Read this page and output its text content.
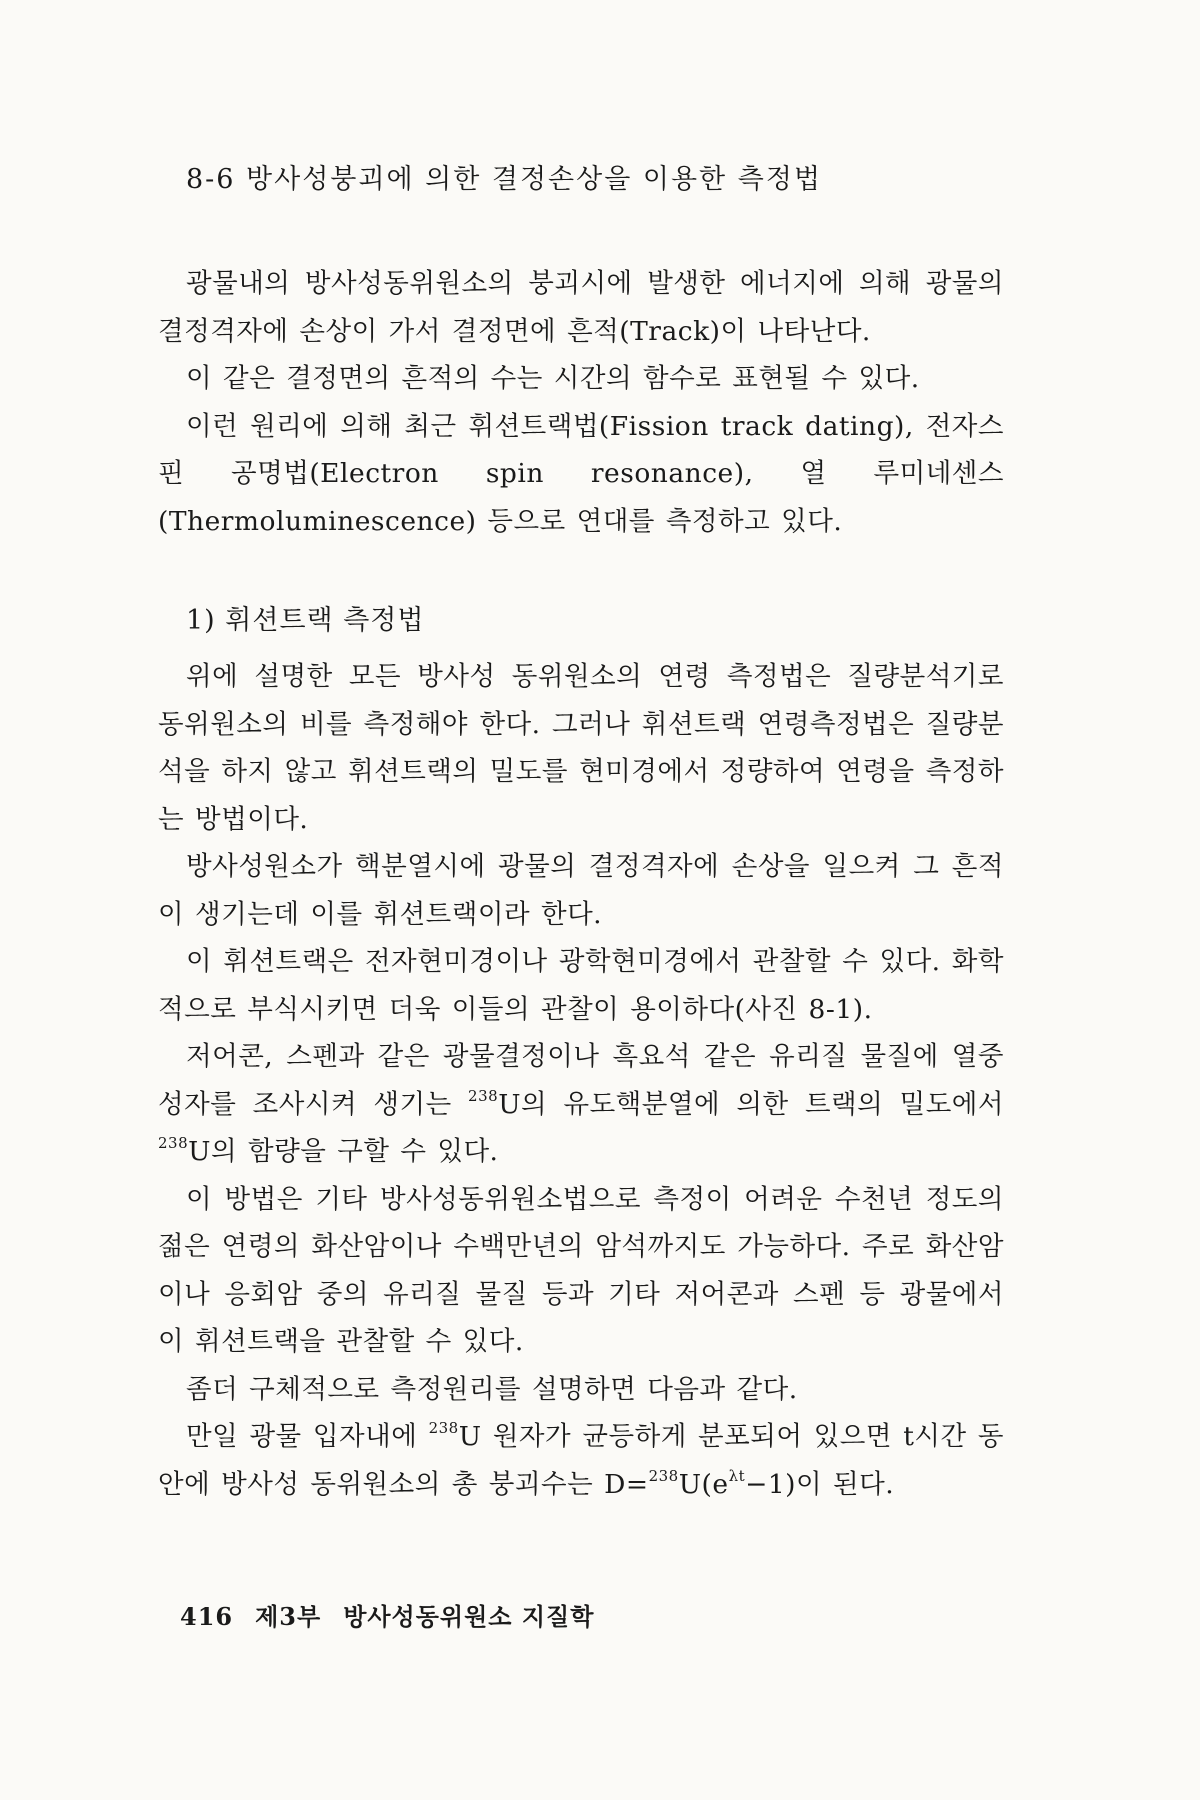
8-6 방사성붕괴에 의한 결정손상을 이용한 측정법

광물내의 방사성동위원소의 붕괴시에 발생한 에너지에 의해 광물의 결정격자에 손상이 가서 결정면에 흔적(Track)이 나타난다.

이 같은 결정면의 흔적의 수는 시간의 함수로 표현될 수 있다.

이런 원리에 의해 최근 휘션트랙법(Fission track dating), 전자스핀 공명법(Electron spin resonance), 열 루미네센스(Thermoluminescence) 등으로 연대를 측정하고 있다.

1) 휘션트랙 측정법

위에 설명한 모든 방사성 동위원소의 연령 측정법은 질량분석기로 동위원소의 비를 측정해야 한다. 그러나 휘션트랙 연령측정법은 질량분석을 하지 않고 휘션트랙의 밀도를 현미경에서 정량하여 연령을 측정하는 방법이다.

방사성원소가 핵분열시에 광물의 결정격자에 손상을 일으켜 그 흔적이 생기는데 이를 휘션트랙이라 한다.

이 휘션트랙은 전자현미경이나 광학현미경에서 관찰할 수 있다. 화학적으로 부식시키면 더욱 이들의 관찰이 용이하다(사진 8-1).

저어콘, 스펜과 같은 광물결정이나 흑요석 같은 유리질 물질에 열중성자를 조사시켜 생기는 $^{238}$U의 유도핵분열에 의한 트랙의 밀도에서 $^{238}$U의 함량을 구할 수 있다.

이 방법은 기타 방사성동위원소법으로 측정이 어려운 수천년 정도의 젊은 연령의 화산암이나 수백만년의 암석까지도 가능하다. 주로 화산암이나 응회암 중의 유리질 물질 등과 기타 저어콘과 스펜 등 광물에서 이 휘션트랙을 관찰할 수 있다.

좀더 구체적으로 측정원리를 설명하면 다음과 같다.

만일 광물 입자내에 $^{238}$U 원자가 균등하게 분포되어 있으면 t시간 동안에 방사성 동위원소의 총 붕괴수는 $D=^{238}U(e^{\lambda t}-1)$이 된다.

416 제3부 방사성동위원소 지질학
